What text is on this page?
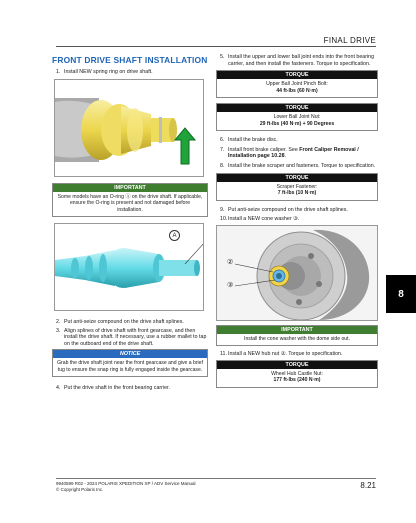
FINAL DRIVE
FRONT DRIVE SHAFT INSTALLATION
1. Install NEW spring ring on drive shaft.
IMPORTANT
Some models have an O-ring Ⓐ on the drive shaft. If applicable, ensure the O-ring is present and not damaged before installation.
A
2. Put anti-seize compound on the drive shaft splines.
3. Align splines of drive shaft with front gearcase, and then install the drive shaft. If necessary, use a rubber mallet to tap on the outboard end of the drive shaft.
NOTICE
Grab the drive shaft joint near the front gearcase and give a brief tug to ensure the snap ring is fully engaged inside the gearcase.
4. Put the drive shaft in the front bearing carrier.
5. Install the upper and lower ball joint ends into the front bearing carrier, and then install the fasteners. Torque to specification.
TORQUE
Upper Ball Joint Pinch Bolt:
44 ft-lbs (60 N·m)
TORQUE
Lower Ball Joint Nut:
29 ft-lbs (40 N·m) + 90 Degrees
6. Install the brake disc.
7. Install front brake caliper. See Front Caliper Removal / Installation page 10.28.
8. Install the brake scraper and fasteners. Torque to specification.
TORQUE
Scraper Fastener:
7 ft-lbs (10 N·m)
9. Put anti-seize compound on the drive shaft splines.
10. Install a NEW cone washer ③.
②
③
IMPORTANT
Install the cone washer with the dome side out.
11. Install a NEW hub nut ②. Torque to specification.
TORQUE
Wheel Hub Castle Nut:
177 ft-lbs (240 N·m)
8
9940599 R02 - 2024 POLARIS XPEDITION XP / ADV Service Manual
© Copyright Polaris Inc.	8.21
